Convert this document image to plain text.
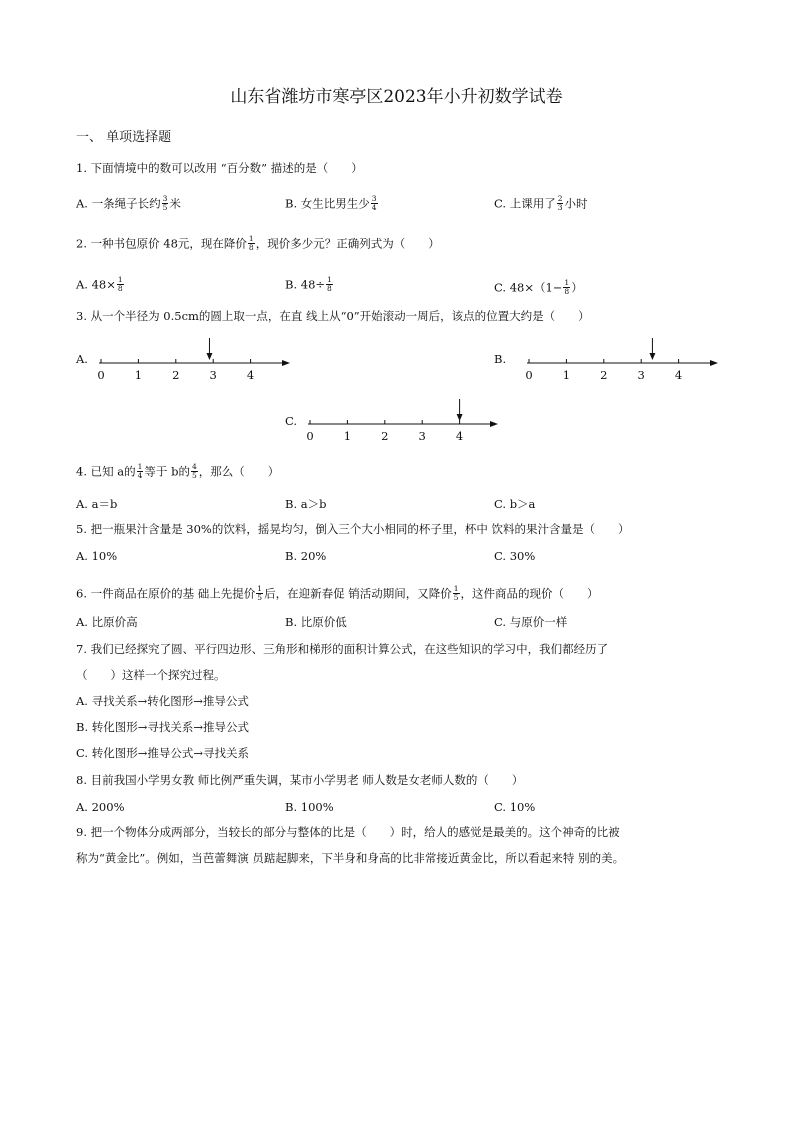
山东省潍坊市寒亭区2023年小升初数学试卷
一、 单项选择题
1. 下面情境中的数可以改用 “百分数” 描述的是（　　）
A. 一条绳子长约 $\frac{3}{5}$ 米	B. 女生比男生少 $\frac{3}{4}$	C. 上课用了 $\frac{2}{3}$ 小时
2. 一种书包原价 48元，现在降价 $\frac{1}{8}$ ，现价多少元？正确列式为（　　）
A. $48\times \frac{1}{8}$	B. $48\div \frac{1}{8}$	C. $48\times(1- \frac{1}{8}$ ）
3. 从一个半径为 0.5cm的圆上取一点，在直 线上从“0”开始滚动一周后，该点的位置大约是（　　）
A.	B.
C.
0	1	2	3	4	0	1	2	3	4
0	1	2	3	4
4. 已知 a的 $\frac{1}{4}$ 等于 b的 $\frac{4}{5}$ ，那么（　　）
A. a＝b	B. a＞b	C. b＞a
5. 把一瓶果汁含量是 30%的饮料，摇晃均匀，倒入三个大小相同的杯子里，杯中 饮料的果汁含量是（　　）
A. 10%	B. 20%	C. 30%
6. 一件商品在原价的基 础上先提价 $\frac{1}{5}$ 后，在迎新春促 销活动期间，又降价 $\frac{1}{5}$ ，这件商品的现价（　　）
A. 比原价高	B. 比原价低	C. 与原价一样
7. 我们已经探究了圆、平行四边形、三角形和梯形的面积计算公式，在这些知识的学习中，我们都经历了
（　　）这样一个探究过程。
A. 寻找关系→转化图形→推导公式
B. 转化图形→寻找关系→推导公式
C. 转化图形→推导公式→寻找关系
8. 目前我国小学男女教 师比例严重失调，某市小学男老 师人数是女老师人数的（　　）
A. 200%	B. 100%	C. 10%
9. 把一个物体分成两部分，当较长的部分与整体的比是（　　）时，给人的感觉是最美的。这个神奇的比被
称为“黄金比”。例如，当芭蕾舞演 员踮起脚来，下半身和身高的比非常接近黄金比，所以看起来特 别的美。
